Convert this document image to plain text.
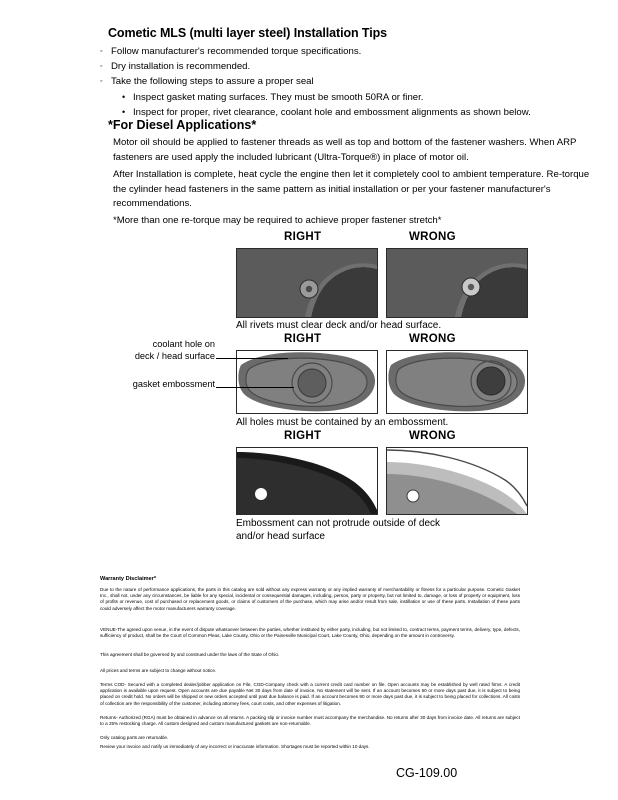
Cometic MLS (multi layer steel) Installation Tips
◦ Follow manufacturer's recommended torque specifications.
◦ Dry installation is recommended.
◦ Take the following steps to assure a proper seal
• Inspect gasket mating surfaces. They must be smooth 50RA or finer.
• Inspect for proper, rivet clearance, coolant hole and embossment alignments as shown below.
*For Diesel Applications*
Motor oil should be applied to fastener threads as well as top and bottom of the fastener washers. When ARP fasteners are used apply the included lubricant (Ultra-Torque®) in place of motor oil.
After Installation is complete, heat cycle the engine then let it completely cool to ambient temperature. Re-torque the cylinder head fasteners in the same pattern as initial installation or per your fastener manufacturer's recommendations.
*More than one re-torque may be required to achieve proper fastener stretch*
RIGHT	WRONG
All rivets must clear deck and/or head surface.
RIGHT	WRONG
coolant hole on
deck / head surface
gasket embossment
All holes must be contained by an embossment.
RIGHT	WRONG
Embossment can not protrude outside of deck
and/or head surface
Warranty Disclaimer*
Due to the nature of performance applications, the parts in this catalog are sold without any express warranty or any implied warranty of merchantability or fitness for a particular purpose. Cometic Gasket Inc., shall not, under any circumstances, be liable for any special, incidental or consequential damages, including, person, party or property, but not limited to, damage, or loss of property or equipment, loss of profits or revenue, cost of purchased or replacement goods, or claims of customers of the purchase, which may arise and/or result from sale, instillation or use of these parts. Installation of these parts could adversely affect the motor manufacturers warranty coverage.
VENUE-The agreed upon venue, in the event of dispute whatsoever between the parties, whether instituted by either party, including, but not limited to, contract terms, payment terms, delivery, type, defects, sufficiency of product, shall be the Court of Common Pleas, Lake County, Ohio or the Painesville Municipal Court, Lake County, Ohio, depending on the amount in controversy.
This agreement shall be governed by and construed under the laws of the State of Ohio.
All prices and terms are subject to change without notice.
Terms COD- Secured with a completed dealer/jobber application on File, COD-Company check with a current credit card number on file. Open accounts may be established by well rated firms. A credit application is available upon request. Open accounts are due payable Net 30 days from date of invoice. No statement will be sent. If an account becomes 60 or more days past due, it is subject to being placed on credit hold. No orders will be shipped or new orders accepted until past due balance is paid. If an account becomes 90 or more days past due, it is subject to being placed for collections. All costs of collection are the responsibility of the customer, including attorney fees, court costs, and other expenses of litigation.
Returns- Authorized (RGA) must be obtained in advance on all returns. A packing slip or invoice number must accompany the merchandise. No returns after 30 days from invoice date. All returns are subject to a 25% restocking charge. All custom designed and custom manufactured gaskets are non-returnable.
Only catalog parts are returnable.
Review your invoice and notify us immediately of any incorrect or inaccurate information. Shortages must be reported within 10 days.
CG-109.00
